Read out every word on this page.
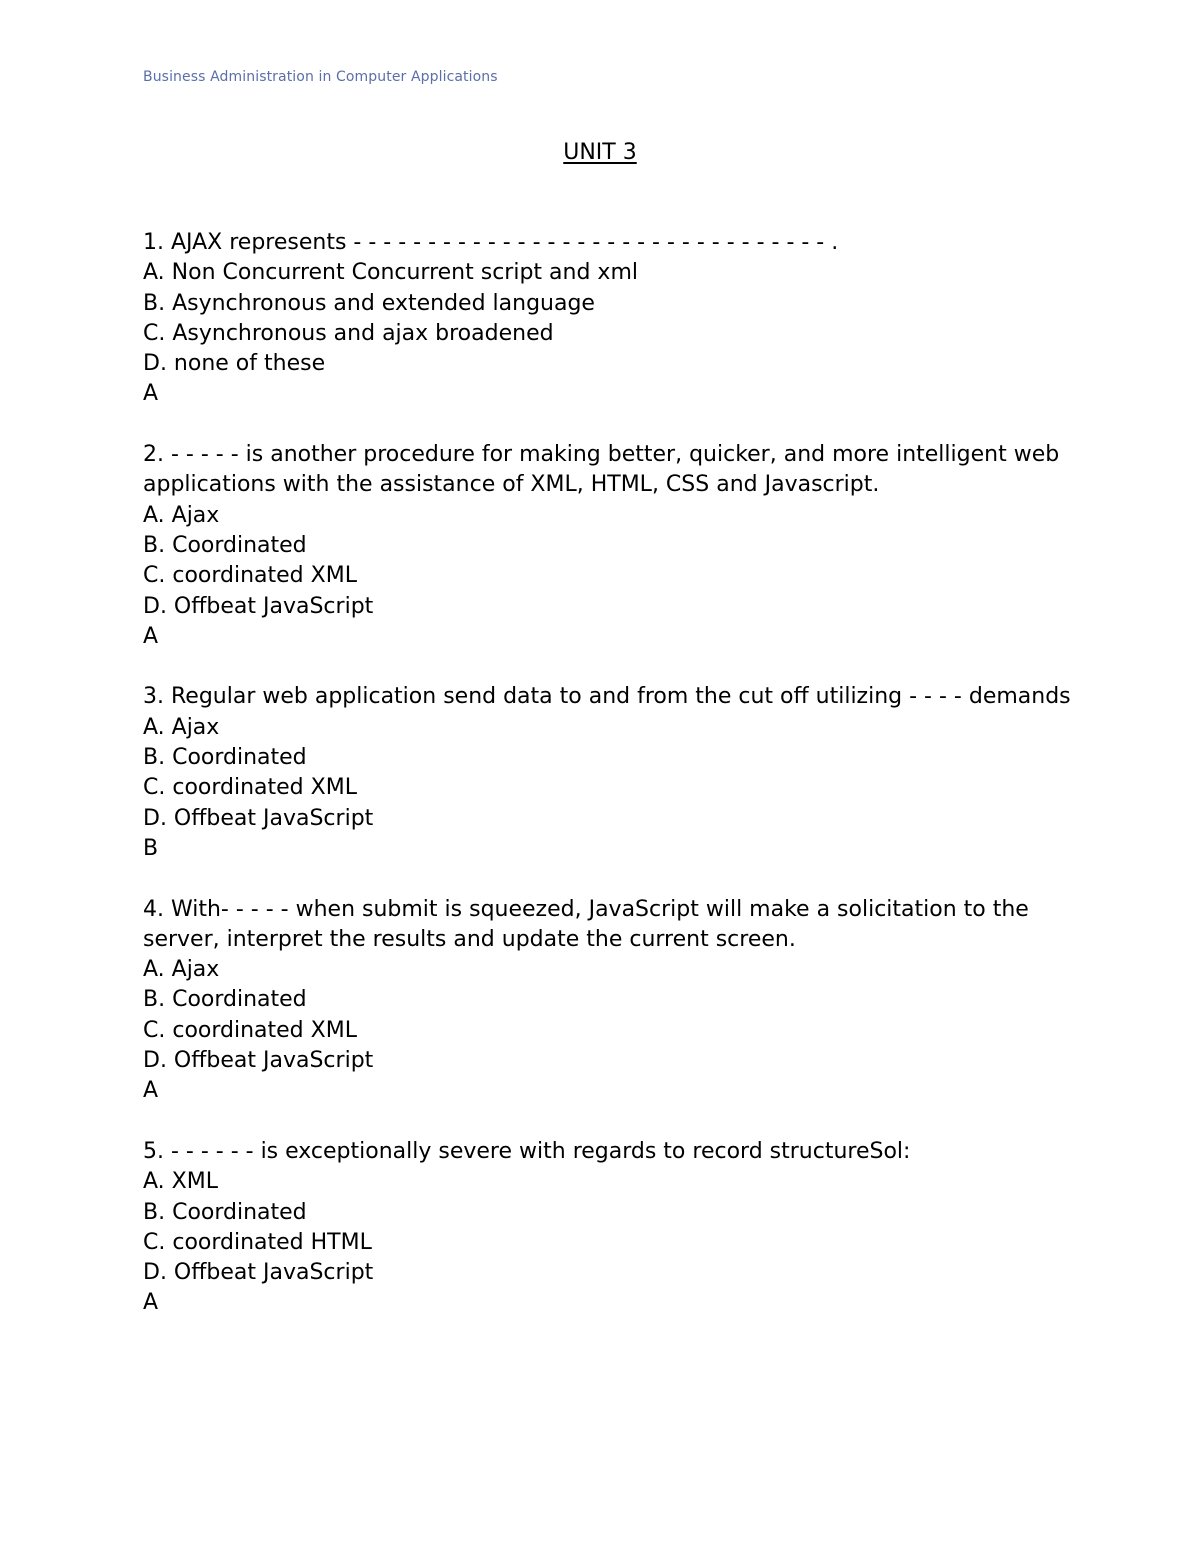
Business Administration in Computer Applications
UNIT 3
1. AJAX represents - - - - - - - - - - - - - - - - - - - - - - - - - - - - - - - - .
A. Non Concurrent Concurrent script and xml
B. Asynchronous and extended language
C. Asynchronous and ajax broadened
D. none of these
A
2. - - - - - is another procedure for making better, quicker, and more intelligent web applications with the assistance of XML, HTML, CSS and Javascript.
A. Ajax
B. Coordinated
C. coordinated XML
D. Offbeat JavaScript
A
3. Regular web application send data to and from the cut off utilizing - - - - demands
A. Ajax
B. Coordinated
C. coordinated XML
D. Offbeat JavaScript
B
4. With- - - - - when submit is squeezed, JavaScript will make a solicitation to the server, interpret the results and update the current screen.
A. Ajax
B. Coordinated
C. coordinated XML
D. Offbeat JavaScript
A
5. - - - - - - is exceptionally severe with regards to record structureSol:
A. XML
B. Coordinated
C. coordinated HTML
D. Offbeat JavaScript
A
